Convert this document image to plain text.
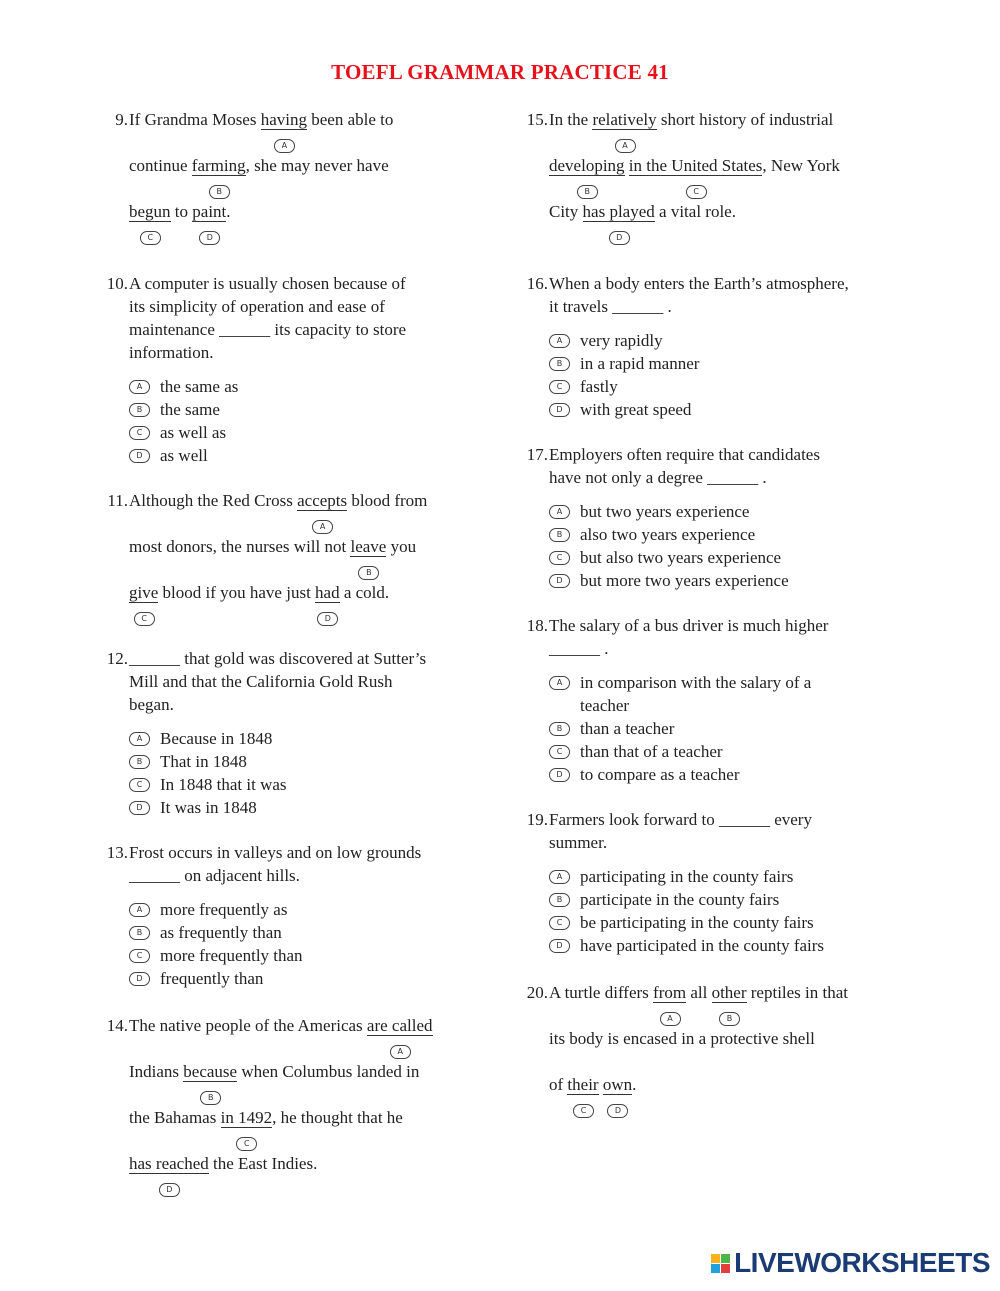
TOEFL GRAMMAR PRACTICE 41
9. If Grandma Moses having
A
been able to
continue farming
B
, she may never have
begun
C
to paint
D
.
10. A computer is usually chosen because of
its simplicity of operation and ease of
maintenance ______ its capacity to store
information.
A	the same as
B	the same
C	as well as
D	as well
11. Although the Red Cross accepts
A
blood from
most donors, the nurses will not leave
B
you
give
C
blood if you have just had
D
a cold.
12. ______ that gold was discovered at Sutter’s
Mill and that the California Gold Rush
began.
A	Because in 1848
B	That in 1848
C	In 1848 that it was
D	It was in 1848
13. Frost occurs in valleys and on low grounds
______ on adjacent hills.
A	more frequently as
B	as frequently than
C	more frequently than
D	frequently than
14. The native people of the Americas are called
A
Indians because
B
when Columbus landed in
the Bahamas $\frac{in 1492}{C}$ , he thought that he
has reached
D
the East Indies.
15. In the relatively
A
short history of industrial
developing
B
in the United States
C
, New York
City has played
D
a vital role.
16. When a body enters the Earth’s atmosphere,
it travels ______ .
A	very rapidly
B	in a rapid manner
C	fastly
D	with great speed
17. Employers often require that candidates
have not only a degree ______ .
A	but two years experience
B	also two years experience
C	but also two years experience
D	but more two years experience
18. The salary of a bus driver is much higher
______ .
A	in comparison with the salary of a teacher
B	than a teacher
C	than that of a teacher
D	to compare as a teacher
19. Farmers look forward to ______ every
summer.
A	participating in the county fairs
B	participate in the county fairs
C	be participating in the county fairs
D	have participated in the county fairs
20. A turtle differs from
A
all other
B
reptiles in that
its body is encased in a protective shell
of their
C
own
D
.
LIVEWORKSHEETS
